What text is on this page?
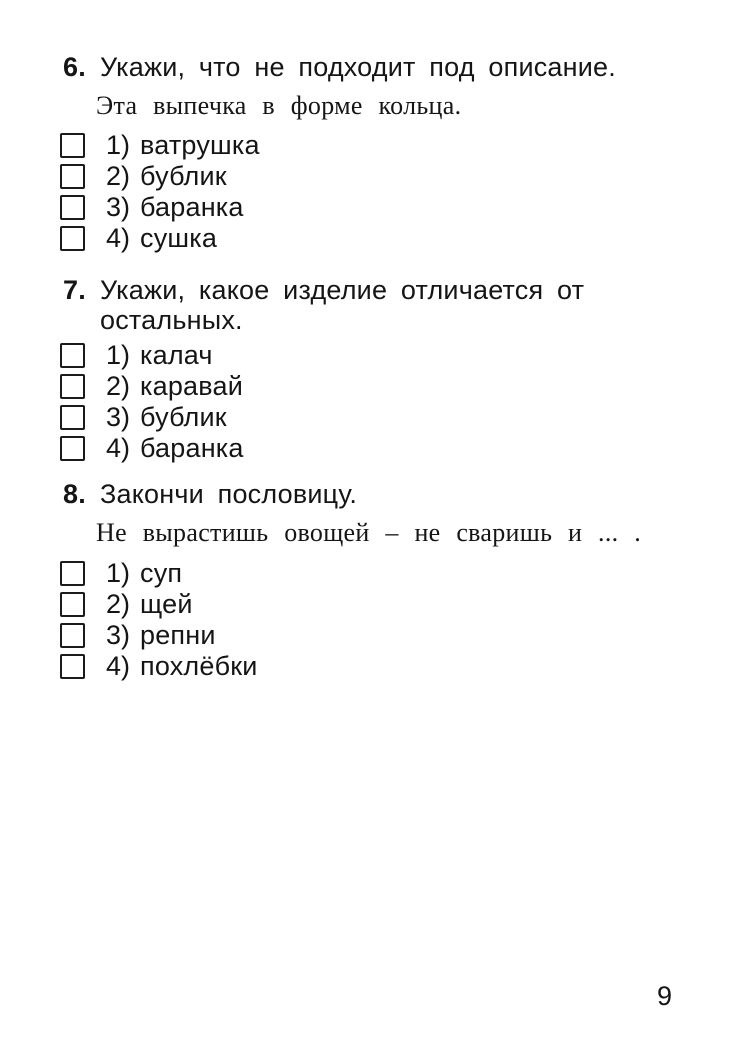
6. Укажи, что не подходит под описание.
Эта выпечка в форме кольца.
1) ватрушка
2) бублик
3) баранка
4) сушка
7. Укажи, какое изделие отличается от остальных.
1) калач
2) каравай
3) бублик
4) баранка
8. Закончи пословицу.
Не вырастишь овощей – не сваришь и ... .
1) суп
2) щей
3) репни
4) похлёбки
9
